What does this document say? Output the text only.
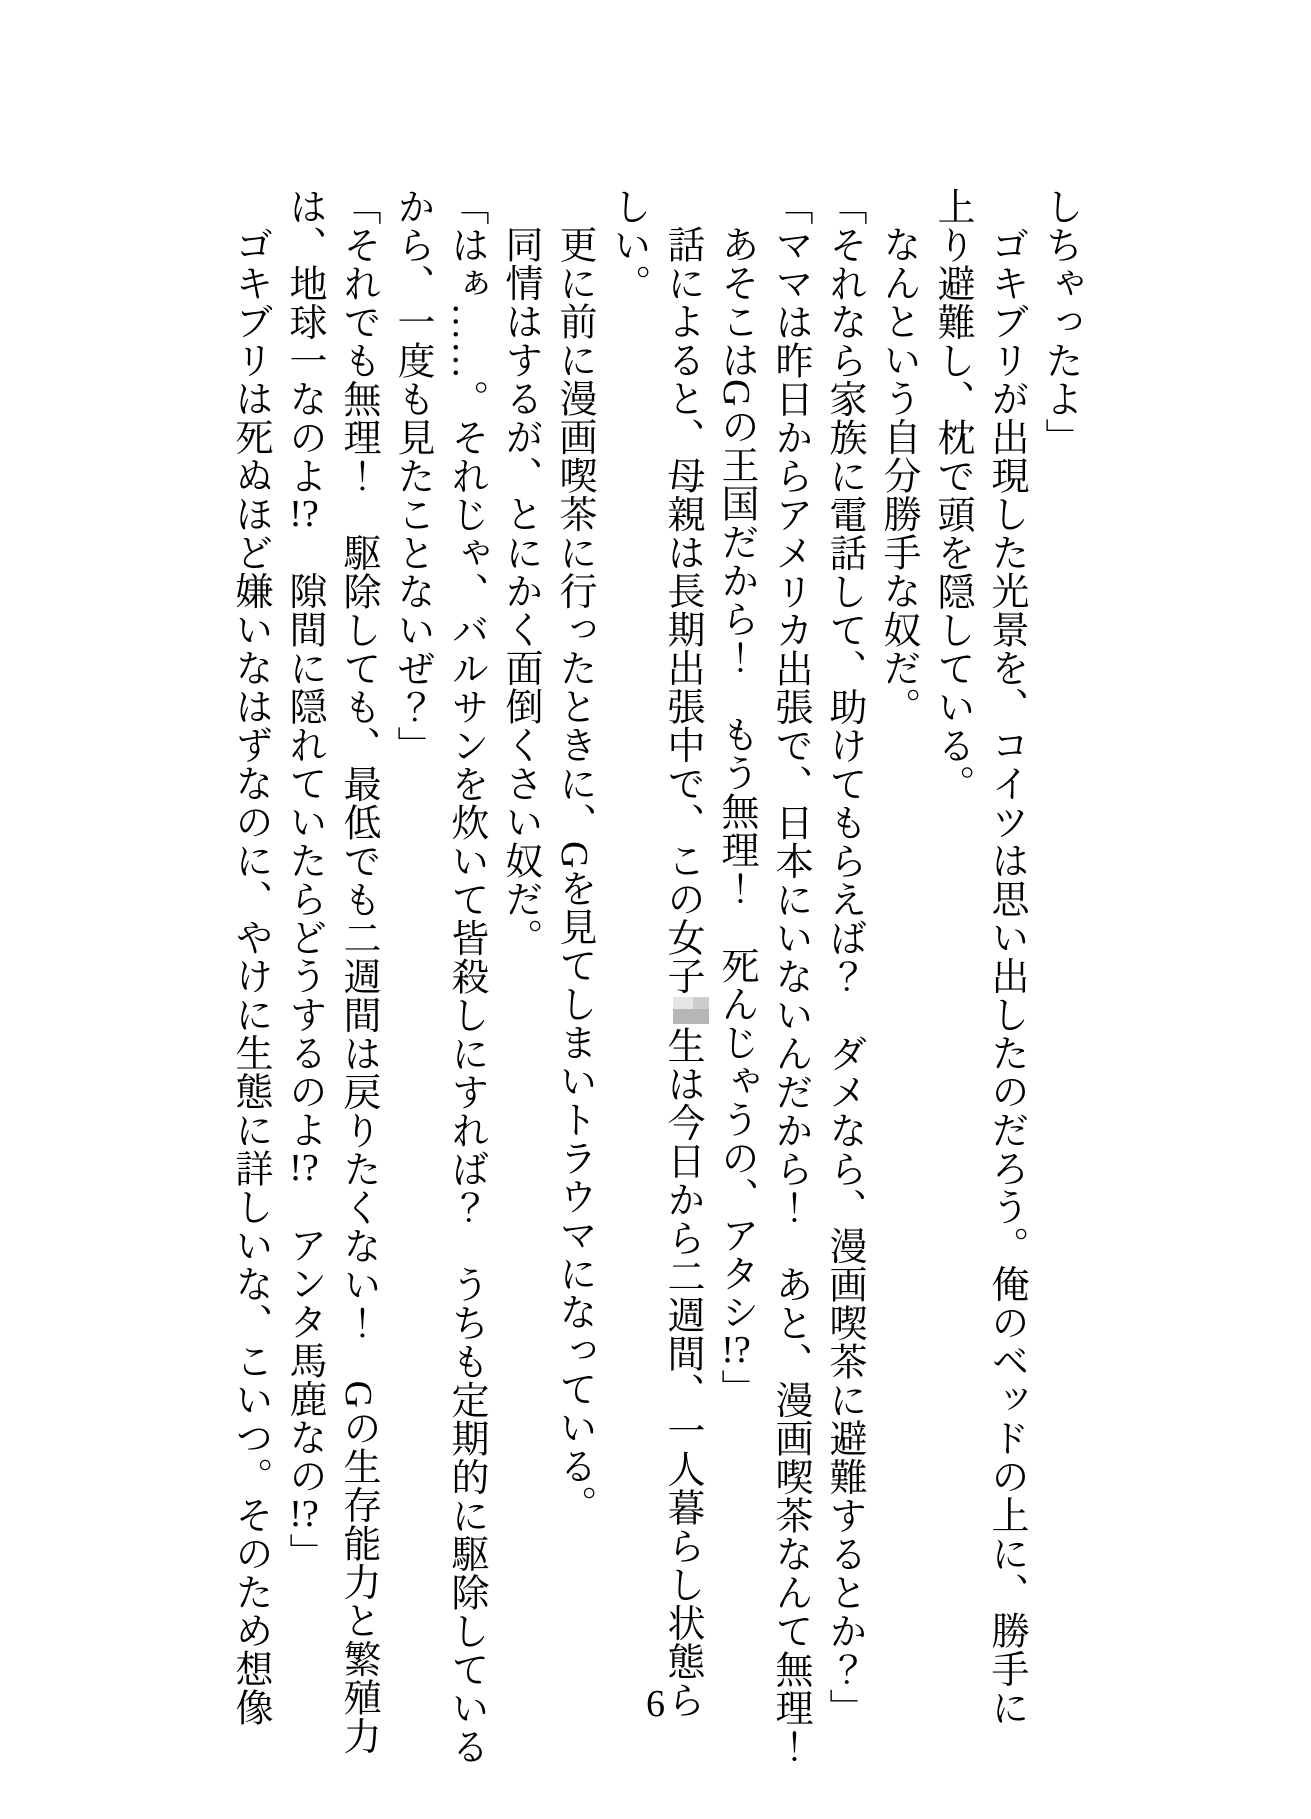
しちゃったよ」

ゴキブリが出現した光景を、コイツは思い出したのだろう。俺のベッドの上に、勝手に

上り避難し、枕で頭を隠している。

なんという自分勝手な奴だ。

「それなら家族に電話して、助けてもらえば？　ダメなら、漫画喫茶に避難するとか？」

「ママは昨日からアメリカ出張で、日本にいないんだから！　あと、漫画喫茶なんて無理！

あそこはGの王国だから！　もう無理！　死んじゃうの、アタシ!?」

話によると、母親は長期出張中で、この女子生は今日から二週間、一人暮らし状態ら

しい。

更に前に漫画喫茶に行ったときに、Gを見てしまいトラウマになっている。

同情はするが、とにかく面倒くさい奴だ。

「はぁ……。それじゃ、バルサンを炊いて皆殺しにすれば？　うちも定期的に駆除している

から、一度も見たことないぜ？」

「それでも無理！　駆除しても、最低でも二週間は戻りたくない！　Gの生存能力と繁殖力

は、地球一なのよ!?　隙間に隠れていたらどうするのよ!?　アンタ馬鹿なの!?」

ゴキブリは死ぬほど嫌いなはずなのに、やけに生態に詳しいな、こいつ。そのため想像	6
